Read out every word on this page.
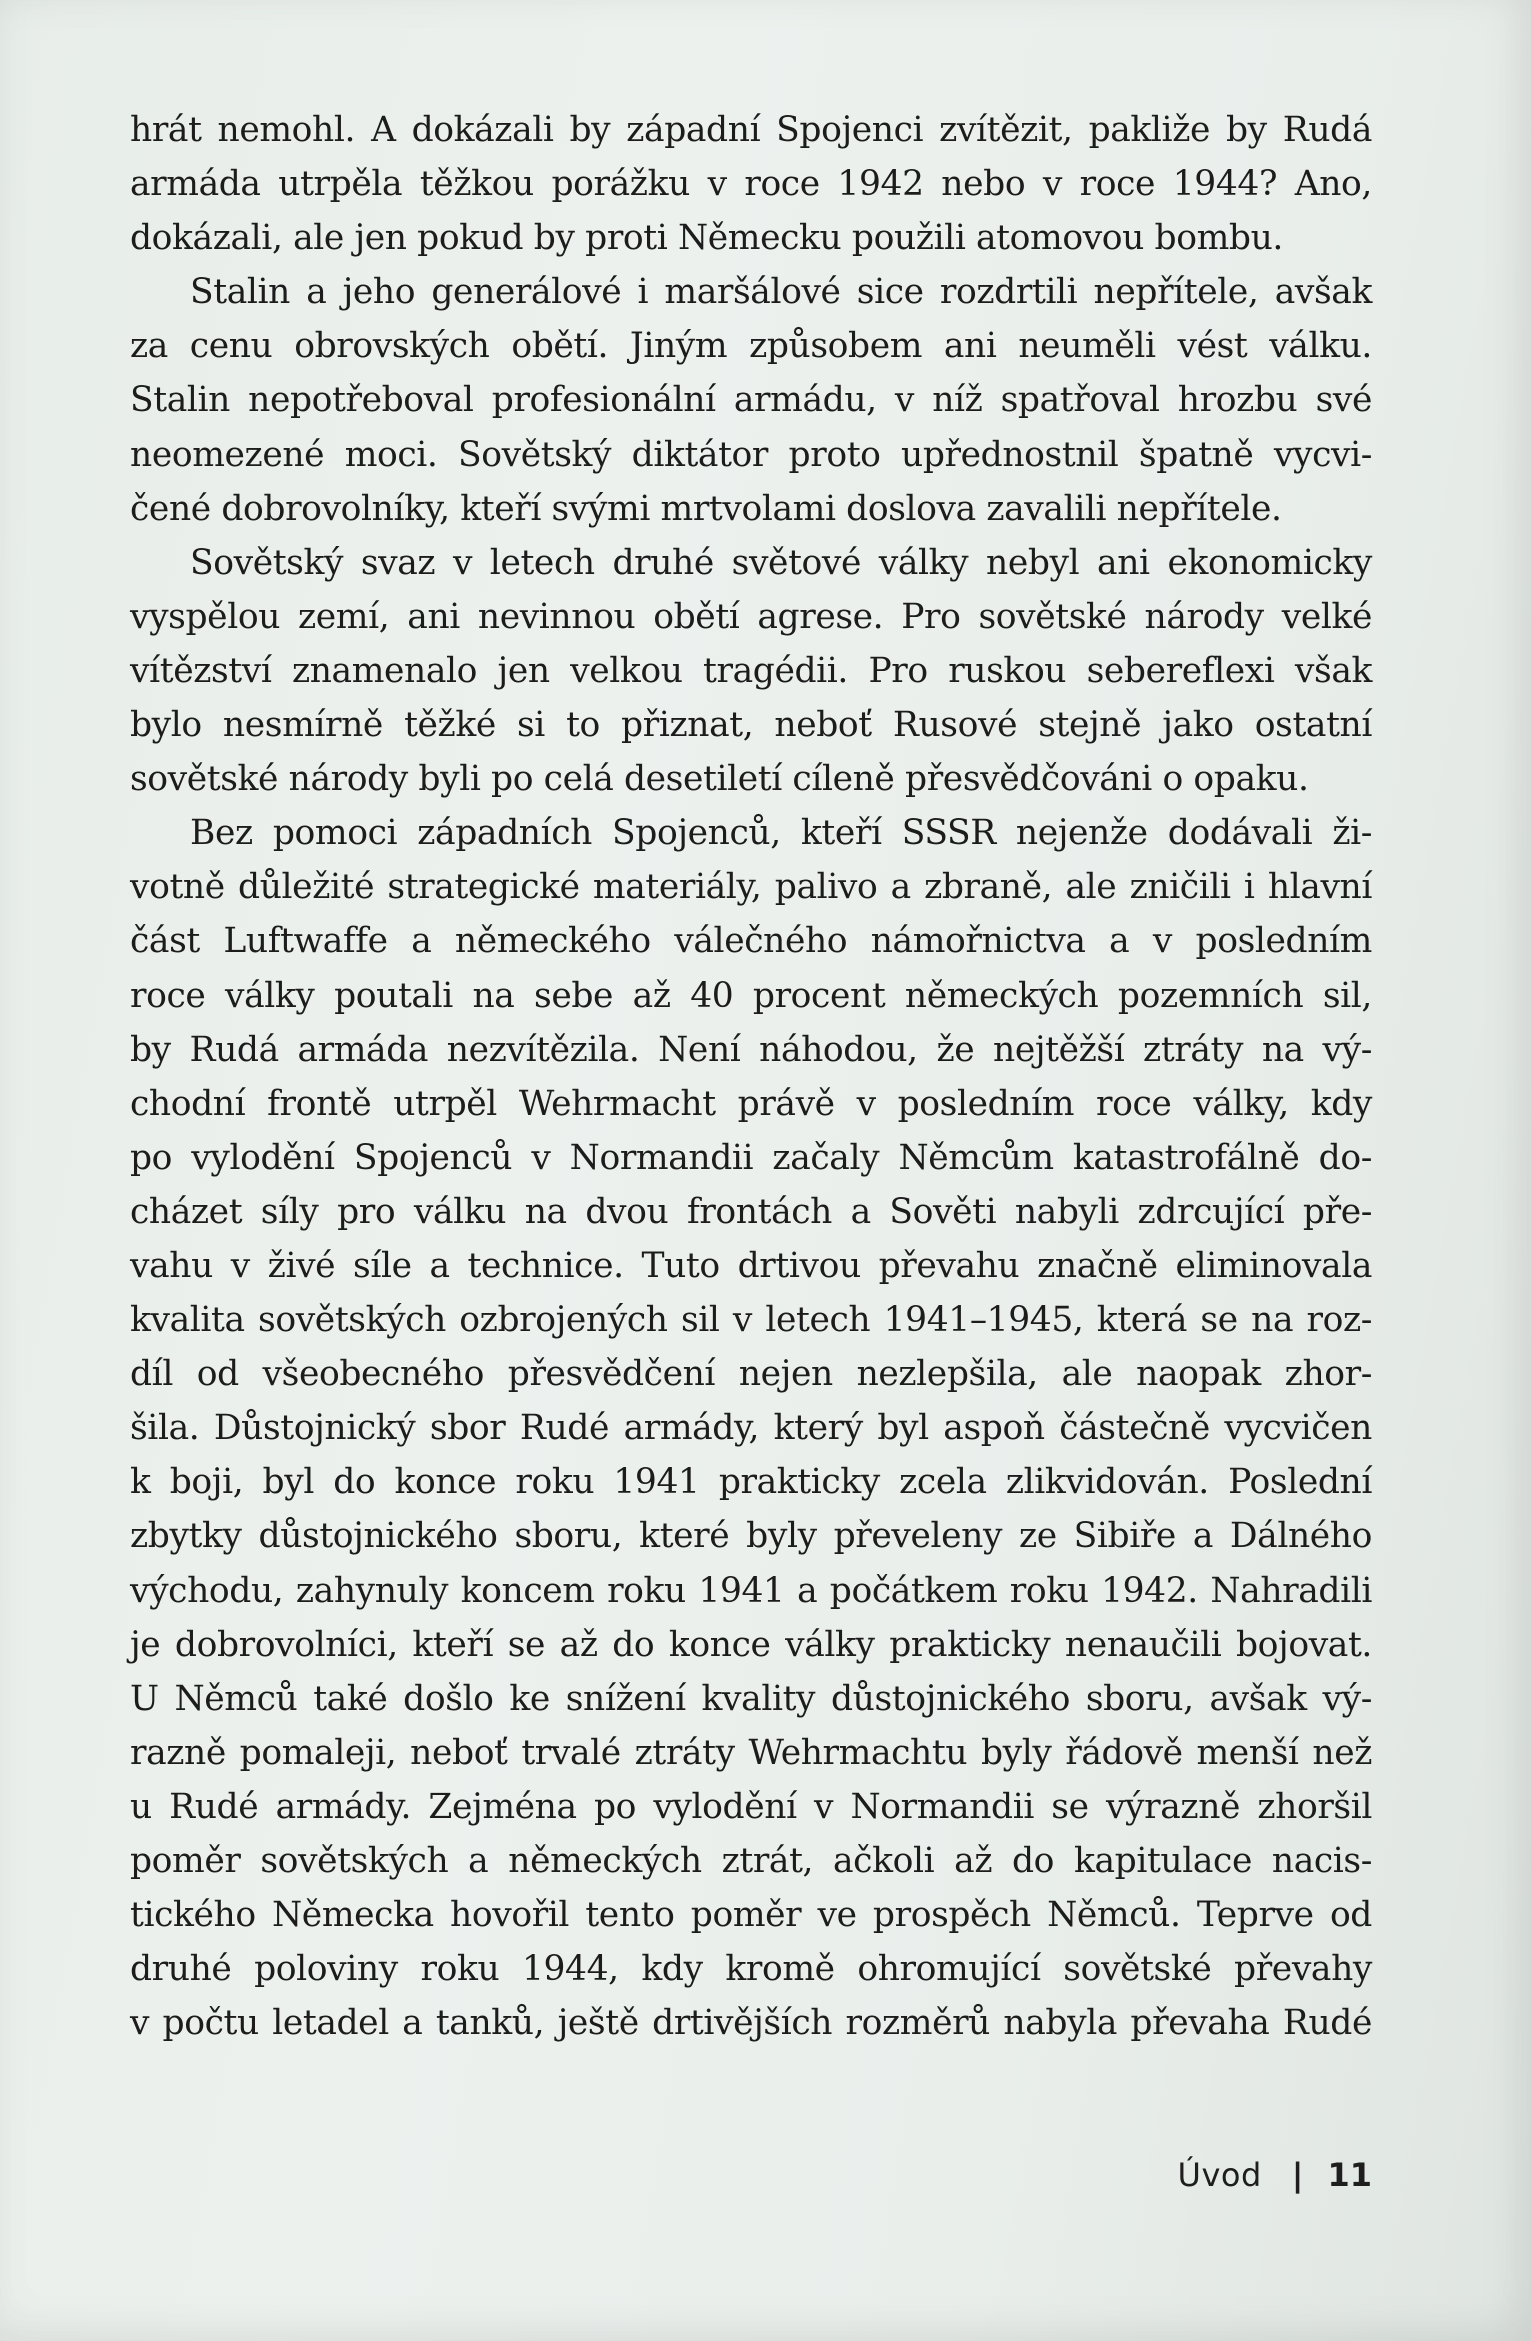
hrát nemohl. A dokázali by západní Spojenci zvítězit, pakliže by Rudá
armáda utrpěla těžkou porážku v roce 1942 nebo v roce 1944? Ano,
dokázali, ale jen pokud by proti Německu použili atomovou bombu.
Stalin a jeho generálové i maršálové sice rozdrtili nepřítele, avšak
za cenu obrovských obětí. Jiným způsobem ani neuměli vést válku.
Stalin nepotřeboval profesionální armádu, v níž spatřoval hrozbu své
neomezené moci. Sovětský diktátor proto upřednostnil špatně vycvi-
čené dobrovolníky, kteří svými mrtvolami doslova zavalili nepřítele.
Sovětský svaz v letech druhé světové války nebyl ani ekonomicky
vyspělou zemí, ani nevinnou obětí agrese. Pro sovětské národy velké
vítězství znamenalo jen velkou tragédii. Pro ruskou sebereflexi však
bylo nesmírně těžké si to přiznat, neboť Rusové stejně jako ostatní
sovětské národy byli po celá desetiletí cíleně přesvědčováni o opaku.
Bez pomoci západních Spojenců, kteří SSSR nejenže dodávali ži-
votně důležité strategické materiály, palivo a zbraně, ale zničili i hlavní
část Luftwaffe a německého válečného námořnictva a v posledním
roce války poutali na sebe až 40 procent německých pozemních sil,
by Rudá armáda nezvítězila. Není náhodou, že nejtěžší ztráty na vý-
chodní frontě utrpěl Wehrmacht právě v posledním roce války, kdy
po vylodění Spojenců v Normandii začaly Němcům katastrofálně do-
cházet síly pro válku na dvou frontách a Sověti nabyli zdrcující pře-
vahu v živé síle a technice. Tuto drtivou převahu značně eliminovala
kvalita sovětských ozbrojených sil v letech 1941–1945, která se na roz-
díl od všeobecného přesvědčení nejen nezlepšila, ale naopak zhor-
šila. Důstojnický sbor Rudé armády, který byl aspoň částečně vycvičen
k boji, byl do konce roku 1941 prakticky zcela zlikvidován. Poslední
zbytky důstojnického sboru, které byly převeleny ze Sibiře a Dálného
východu, zahynuly koncem roku 1941 a počátkem roku 1942. Nahradili
je dobrovolníci, kteří se až do konce války prakticky nenaučili bojovat.
U Němců také došlo ke snížení kvality důstojnického sboru, avšak vý-
razně pomaleji, neboť trvalé ztráty Wehrmachtu byly řádově menší než
u Rudé armády. Zejména po vylodění v Normandii se výrazně zhoršil
poměr sovětských a německých ztrát, ačkoli až do kapitulace nacis-
tického Německa hovořil tento poměr ve prospěch Němců. Teprve od
druhé poloviny roku 1944, kdy kromě ohromující sovětské převahy
v počtu letadel a tanků, ještě drtivějších rozměrů nabyla převaha Rudé
Úvod | 11
